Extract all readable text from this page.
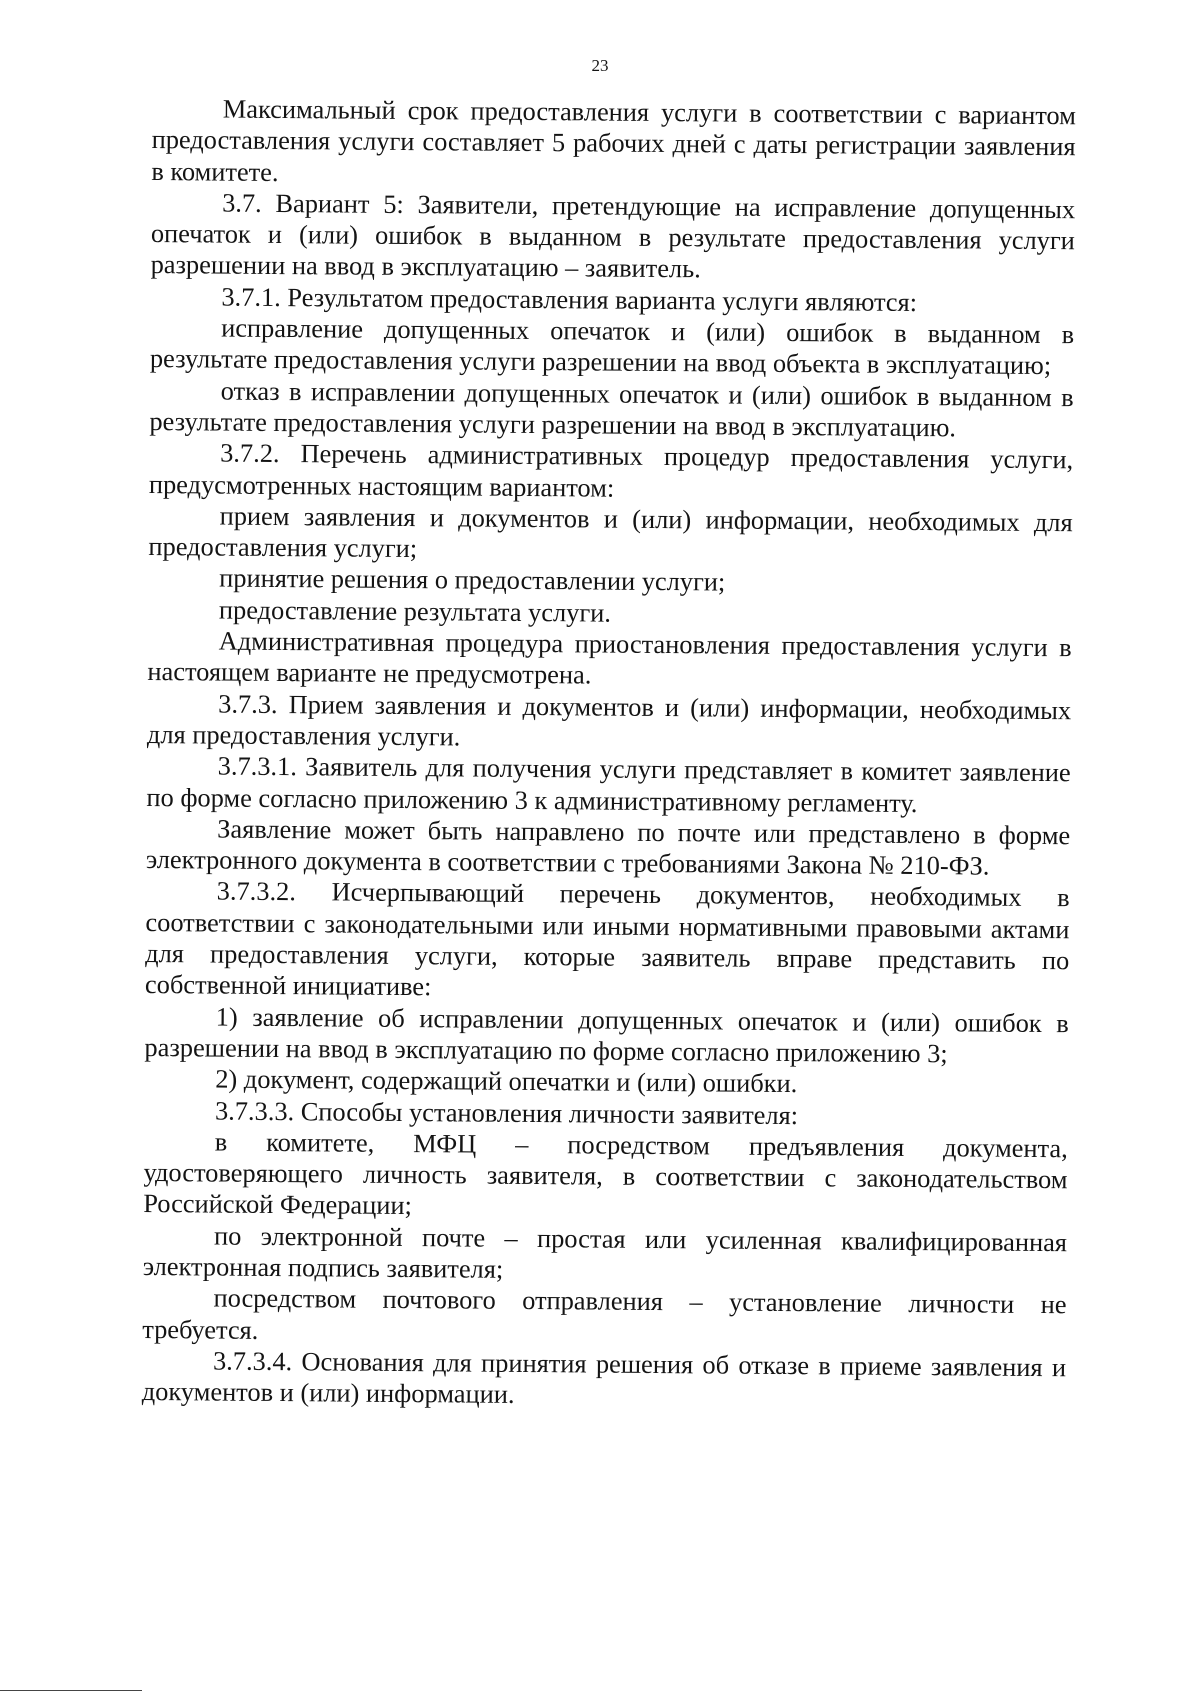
23

Максимальный срок предоставления услуги в соответствии с вариантом предоставления услуги составляет 5 рабочих дней с даты регистрации заявления в комитете.

3.7. Вариант 5: Заявители, претендующие на исправление допущенных опечаток и (или) ошибок в выданном в результате предоставления услуги разрешении на ввод в эксплуатацию – заявитель.

3.7.1. Результатом предоставления варианта услуги являются:

исправление допущенных опечаток и (или) ошибок в выданном в результате предоставления услуги разрешении на ввод объекта в эксплуатацию;

отказ в исправлении допущенных опечаток и (или) ошибок в выданном в результате предоставления услуги разрешении на ввод в эксплуатацию.

3.7.2. Перечень административных процедур предоставления услуги, предусмотренных настоящим вариантом:

прием заявления и документов и (или) информации, необходимых для предоставления услуги;

принятие решения о предоставлении услуги;

предоставление результата услуги.

Административная процедура приостановления предоставления услуги в настоящем варианте не предусмотрена.

3.7.3. Прием заявления и документов и (или) информации, необходимых для предоставления услуги.

3.7.3.1. Заявитель для получения услуги представляет в комитет заявление по форме согласно приложению 3 к административному регламенту.

Заявление может быть направлено по почте или представлено в форме электронного документа в соответствии с требованиями Закона № 210-ФЗ.

3.7.3.2. Исчерпывающий перечень документов, необходимых в соответствии с законодательными или иными нормативными правовыми актами для предоставления услуги, которые заявитель вправе представить по собственной инициативе:

1) заявление об исправлении допущенных опечаток и (или) ошибок в разрешении на ввод в эксплуатацию по форме согласно приложению 3;

2) документ, содержащий опечатки и (или) ошибки.

3.7.3.3. Способы установления личности заявителя:

в комитете, МФЦ – посредством предъявления документа, удостоверяющего личность заявителя, в соответствии с законодательством Российской Федерации;

по электронной почте – простая или усиленная квалифицированная электронная подпись заявителя;

посредством почтового отправления – установление личности не требуется.

3.7.3.4. Основания для принятия решения об отказе в приеме заявления и документов и (или) информации.
